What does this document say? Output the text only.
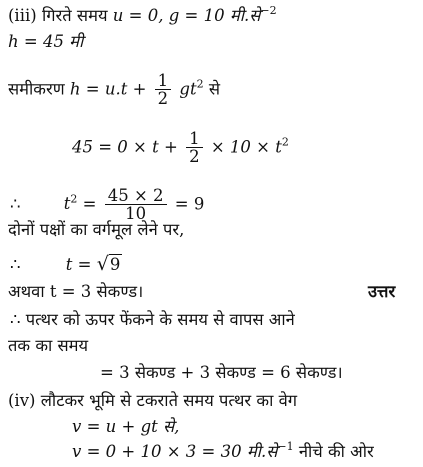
(iii) गिरते समय u = 0, g = 10 मी.से$^{-2}$
h = 45 मी
समीकरण $h = u.t + \frac{1}{2} gt^2$ से
$45 = 0 \times t + \frac{1}{2} \times 10 \times t^2$
∴	$t^2 = \frac{45 \times 2}{10} = 9$
दोनों पक्षों का वर्गमूल लेने पर,
∴	t = √9
अथवा t = 3 सेकण्ड।	उत्तर
∴ पत्थर को ऊपर फेंकने के समय से वापस आने
तक का समय
= 3 सेकण्ड + 3 सेकण्ड = 6 सेकण्ड।
(iv) लौटकर भूमि से टकराते समय पत्थर का वेग
v = u + gt से,
v = 0 + 10 × 3 = 30 मी.से$^{-1}$ नीचे की ओर
